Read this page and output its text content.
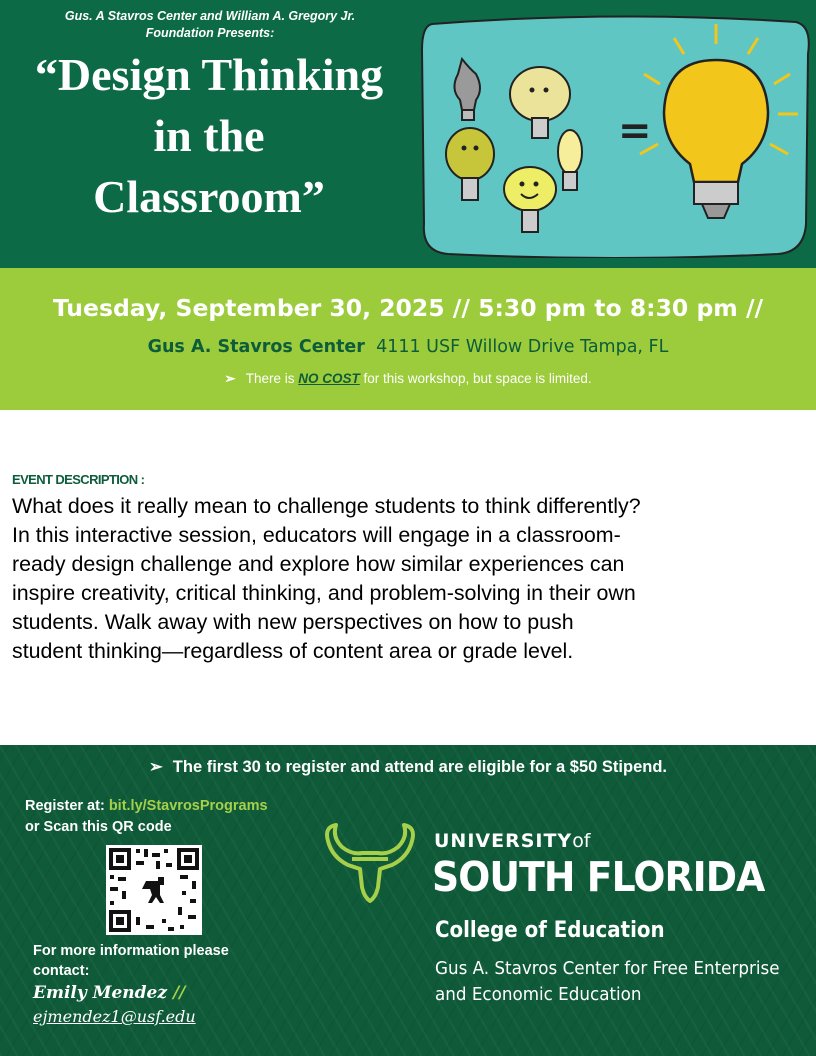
Gus. A Stavros Center and William A. Gregory Jr.
Foundation Presents:
“Design Thinking
in the
Classroom”
=
Tuesday, September 30, 2025 // 5:30 pm to 8:30 pm //
Gus A. Stavros Center 4111 USF Willow Drive Tampa, FL
➢ There is NO COST for this workshop, but space is limited.
EVENT DESCRIPTION :
What does it really mean to challenge students to think differently?
In this interactive session, educators will engage in a classroom-
ready design challenge and explore how similar experiences can
inspire creativity, critical thinking, and problem-solving in their own
students. Walk away with new perspectives on how to push
student thinking—regardless of content area or grade level.
➢ The first 30 to register and attend are eligible for a $50 Stipend.
Register at: bit.ly/StavrosPrograms
or Scan this QR code
For more information please
contact:
Emily Mendez //
ejmendez1@usf.edu
UNIVERSITYof
SOUTH FLORIDA
College of Education
Gus A. Stavros Center for Free Enterprise
and Economic Education
